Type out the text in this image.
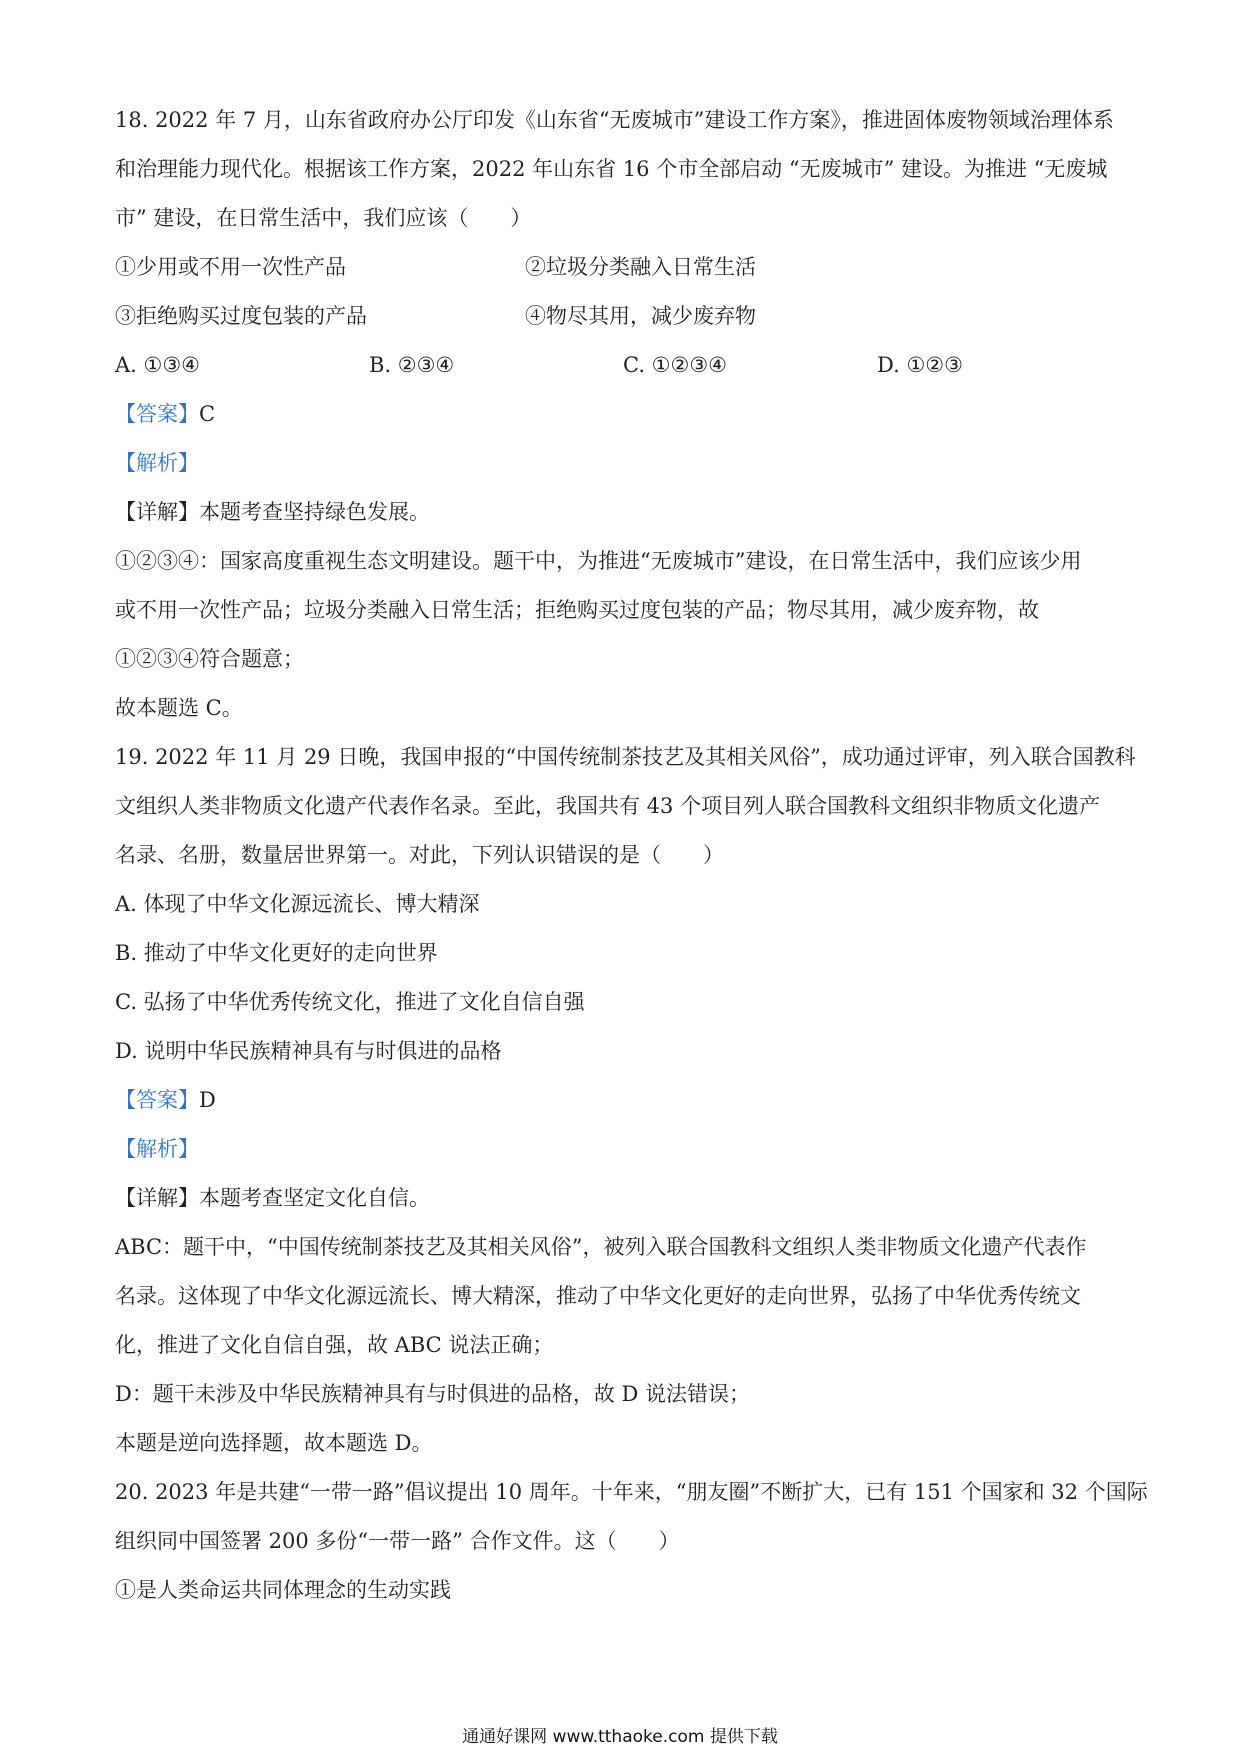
18. 2022 年 7 月，山东省政府办公厅印发《山东省“无废城市”建设工作方案》，推进固体废物领域治理体系
和治理能力现代化。根据该工作方案，2022 年山东省 16 个市全部启动 “无废城市” 建设。为推进 “无废城
市” 建设，在日常生活中，我们应该（　　）
①少用或不用一次性产品	②垃圾分类融入日常生活
③拒绝购买过度包装的产品	④物尽其用，减少废弃物
A. ①③④	B. ②③④	C. ①②③④	D. ①②③
【答案】C
【解析】
【详解】本题考查坚持绿色发展。
①②③④：国家高度重视生态文明建设。题干中，为推进“无废城市”建设，在日常生活中，我们应该少用
或不用一次性产品；垃圾分类融入日常生活；拒绝购买过度包装的产品；物尽其用，减少废弃物，故
①②③④符合题意；
故本题选 C。
19. 2022 年 11 月 29 日晚，我国申报的“中国传统制茶技艺及其相关风俗”，成功通过评审，列入联合国教科
文组织人类非物质文化遗产代表作名录。至此，我国共有 43 个项目列人联合国教科文组织非物质文化遗产
名录、名册，数量居世界第一。对此，下列认识错误的是（　　）
A. 体现了中华文化源远流长、博大精深
B. 推动了中华文化更好的走向世界
C. 弘扬了中华优秀传统文化，推进了文化自信自强
D. 说明中华民族精神具有与时俱进的品格
【答案】D
【解析】
【详解】本题考查坚定文化自信。
ABC：题干中，“中国传统制茶技艺及其相关风俗”，被列入联合国教科文组织人类非物质文化遗产代表作
名录。这体现了中华文化源远流长、博大精深，推动了中华文化更好的走向世界，弘扬了中华优秀传统文
化，推进了文化自信自强，故 ABC 说法正确；
D：题干未涉及中华民族精神具有与时俱进的品格，故 D 说法错误；
本题是逆向选择题，故本题选 D。
20. 2023 年是共建“一带一路”倡议提出 10 周年。十年来，“朋友圈”不断扩大，已有 151 个国家和 32 个国际
组织同中国签署 200 多份“一带一路” 合作文件。这（　　）
①是人类命运共同体理念的生动实践
通通好课网 www.tthaoke.com 提供下载
